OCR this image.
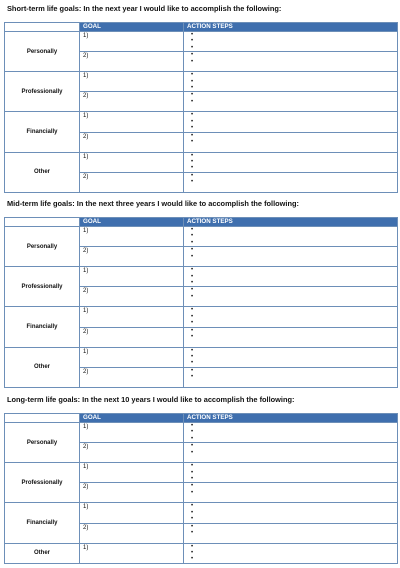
Short-term life goals: In the next year I would like to accomplish the following:
	GOAL	ACTION STEPS
Personally	1)	•
•
•

	2)	•
•

Professionally	1)	•
•
•

	2)	•
•

Financially	1)	•
•
•

	2)	•
•

Other	1)	•
•
•

	2)	•
•
Mid-term life goals: In the next three years I would like to accomplish the following:
	GOAL	ACTION STEPS
Personally	1)	•
•
•

	2)	•
•

Professionally	1)	•
•
•

	2)	•
•

Financially	1)	•
•
•

	2)	•
•

Other	1)	•
•
•

	2)	•
•
Long-term life goals: In the next 10 years I would like to accomplish the following:
	GOAL	ACTION STEPS
Personally	1)	•
•
•

	2)	•
•

Professionally	1)	•
•
•

	2)	•
•

Financially	1)	•
•
•

	2)	•
•

Other	1)	•
•
•
